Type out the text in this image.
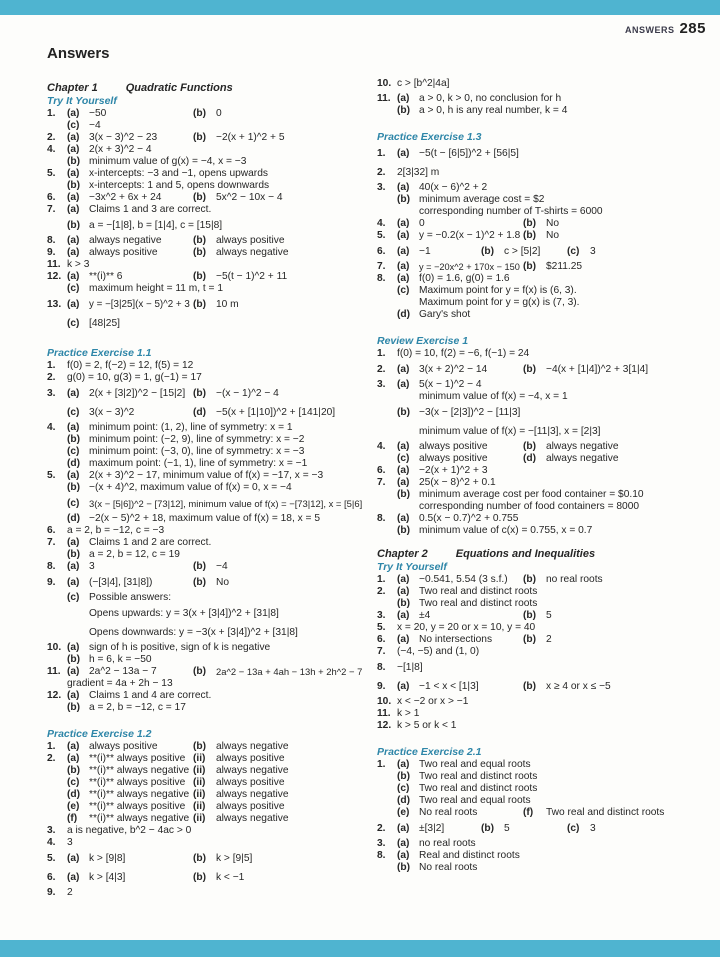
ANSWERS 285
Answers
Chapter 1	Quadratic Functions
Try It Yourself
1. (a) −50	(b) 0
(c) −4
2. (a) 3(x − 3)^2 − 23	(b) −2(x + 1)^2 + 5
4. (a) 2(x + 3)^2 − 4
(b) minimum value of g(x) = −4, x = −3
5. (a) x-intercepts: −3 and −1, opens upwards
(b) x-intercepts: 1 and 5, opens downwards
6. (a) −3x^2 + 6x + 24	(b) 5x^2 − 10x − 4
7. (a) Claims 1 and 3 are correct.
(b) a = −[1|8], b = [1|4], c = [15|8]
8. (a) always negative	(b) always positive
9. (a) always positive	(b) always negative
11. k > 3
12. (a) **(i)** 6	(b) −5(t − 1)^2 + 11
(c) maximum height = 11 m, t = 1
13. (a) y = −[3|25](x − 5)^2 + 3 (b) 10 m
(c) [48|25]
Practice Exercise 1.1
1. f(0) = 2, f(−2) = 12, f(5) = 12
2. g(0) = 10, g(3) = 1, g(−1) = 17
3. (a) 2(x + [3|2])^2 − [15|2] (b) −(x − 1)^2 − 4
(c) 3(x − 3)^2	(d) −5(x + [1|10])^2 + [141|20]
4. (a) minimum point: (1, 2), line of symmetry: x = 1
(b) minimum point: (−2, 9), line of symmetry: x = −2
(c) minimum point: (−3, 0), line of symmetry: x = −3
(d) maximum point: (−1, 1), line of symmetry: x = −1
5. (a) 2(x + 3)^2 − 17, minimum value of f(x) = −17, x = −3
(b) −(x + 4)^2, maximum value of f(x) = 0, x = −4
(c) 3(x − [5|6])^2 − [73|12], minimum value of f(x) = −[73|12], x = [5|6]
(d) −2(x − 5)^2 + 18, maximum value of f(x) = 18, x = 5
6. a = 2, b = −12, c = −3
7. (a) Claims 1 and 2 are correct.
(b) a = 2, b = 12, c = 19
8. (a) 3	(b) −4
9. (a) (−[3|4], [31|8])	(b) No
(c) Possible answers:
Opens upwards: y = 3(x + [3|4])^2 + [31|8]
Opens downwards: y = −3(x + [3|4])^2 + [31|8]
10. (a) sign of h is positive, sign of k is negative
(b) h = 6, k = −50
11. (a) 2a^2 − 13a − 7	(b) 2a^2 − 13a + 4ah − 13h + 2h^2 − 7
gradient = 4a + 2h − 13
12. (a) Claims 1 and 4 are correct.
(b) a = 2, b = −12, c = 17
Practice Exercise 1.2
1. (a) always positive	(b) always negative
2. (a) **(i)** always positive (ii) always positive
(b) **(i)** always negative (ii) always negative
(c) **(i)** always positive (ii) always positive
(d) **(i)** always negative (ii) always negative
(e) **(i)** always positive (ii) always positive
(f) **(i)** always negative (ii) always negative
3. a is negative, b^2 − 4ac > 0
4. 3
5. (a) k > [9|8]	(b) k > [9|5]
6. (a) k > [4|3]	(b) k < −1
9. 2
10. c > [b^2|4a]
11. (a) a > 0, k > 0, no conclusion for h
(b) a > 0, h is any real number, k = 4
Practice Exercise 1.3
1. (a) −5(t − [6|5])^2 + [56|5]
2. 2[3|32] m
3. (a) 40(x − 6)^2 + 2
(b) minimum average cost = $2
corresponding number of T-shirts = 6000
4. (a) 0	(b) No
5. (a) y = −0.2(x − 1)^2 + 1.8 (b) No
6. (a) −1	(b) c > [5|2]	(c) 3
7. (a) y = −20x^2 + 170x − 150 (b) $211.25
8. (a) f(0) = 1.6, g(0) = 1.6
(c) Maximum point for y = f(x) is (6, 3).
Maximum point for y = g(x) is (7, 3).
(d) Gary's shot
Review Exercise 1
1. f(0) = 10, f(2) = −6, f(−1) = 24
2. (a) 3(x + 2)^2 − 14	(b) −4(x + [1|4])^2 + 3[1|4]
3. (a) 5(x − 1)^2 − 4
minimum value of f(x) = −4, x = 1
(b) −3(x − [2|3])^2 − [11|3]
minimum value of f(x) = −[11|3], x = [2|3]
4. (a) always positive	(b) always negative
(c) always positive	(d) always negative
6. (a) −2(x + 1)^2 + 3
7. (a) 25(x − 8)^2 + 0.1
(b) minimum average cost per food container = $0.10
corresponding number of food containers = 8000
8. (a) 0.5(x − 0.7)^2 + 0.755
(b) minimum value of c(x) = 0.755, x = 0.7
Chapter 2	Equations and Inequalities
Try It Yourself
1. (a) −0.541, 5.54 (3 s.f.) (b) no real roots
2. (a) Two real and distinct roots
(b) Two real and distinct roots
3. (a) ±4	(b) 5
5. x = 20, y = 20 or x = 10, y = 40
6. (a) No intersections	(b) 2
7. (−4, −5) and (1, 0)
8. −[1|8]
9. (a) −1 < x < [1|3]	(b) x ≥ 4 or x ≤ −5
10. x < −2 or x > −1
11. k > 1
12. k > 5 or k < 1
Practice Exercise 2.1
1. (a) Two real and equal roots
(b) Two real and distinct roots
(c) Two real and distinct roots
(d) Two real and equal roots
(e) No real roots	(f) Two real and distinct roots
2. (a) ±[3|2]	(b) 5	(c) 3
3. (a) no real roots
8. (a) Real and distinct roots
(b) No real roots
